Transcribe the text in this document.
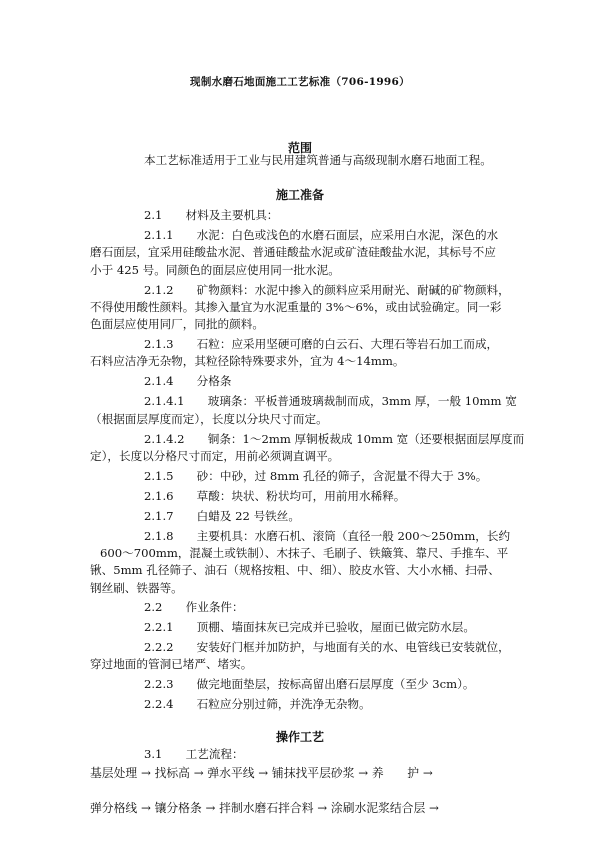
现制水磨石地面施工工艺标准（706-1996）
范围
本工艺标准适用于工业与民用建筑普通与高级现制水磨石地面工程。
施工准备
2.1　　材料及主要机具：
2.1.1　　水泥：白色或浅色的水磨石面层，应采用白水泥，深色的水
磨石面层，宜采用硅酸盐水泥、普通硅酸盐水泥或矿渣硅酸盐水泥，其标号不应
小于 425 号。同颜色的面层应使用同一批水泥。
2.1.2　　矿物颜料：水泥中掺入的颜料应采用耐光、耐碱的矿物颜料，
不得使用酸性颜料。其掺入量宜为水泥重量的 3%～6%，或由试验确定。同一彩
色面层应使用同厂，同批的颜料。
2.1.3　　石粒：应采用坚硬可磨的白云石、大理石等岩石加工而成，
石料应洁净无杂物，其粒径除特殊要求外，宜为 4～14mm。
2.1.4　　分格条
2.1.4.1　　玻璃条：平板普通玻璃裁制而成，3mm 厚，一般 10mm 宽
（根据面层厚度而定），长度以分块尺寸而定。
2.1.4.2　　铜条：1～2mm 厚铜板裁成 10mm 宽（还要根据面层厚度而
定），长度以分格尺寸而定，用前必须调直调平。
2.1.5　　砂：中砂，过 8mm 孔径的筛子，含泥量不得大于 3%。
2.1.6　　草酸：块状、粉状均可，用前用水稀释。
2.1.7　　白蜡及 22 号铁丝。
2.1.8　　主要机具：水磨石机、滚筒（直径一般 200～250mm，长约
600～700mm，混凝土或铁制）、木抹子、毛刷子、铁簸箕、靠尺、手推车、平
锹、5mm 孔径筛子、油石（规格按粗、中、细）、胶皮水管、大小水桶、扫帚、
钢丝刷、铁器等。
2.2　　作业条件：
2.2.1　　顶棚、墙面抹灰已完成并已验收，屋面已做完防水层。
2.2.2　　安装好门框并加防护，与地面有关的水、电管线已安装就位，
穿过地面的管洞已堵严、堵实。
2.2.3　　做完地面垫层，按标高留出磨石层厚度（至少 3cm）。
2.2.4　　石粒应分别过筛，并洗净无杂物。
操作工艺
3.1　　工艺流程：
基层处理 → 找标高 → 弹水平线 → 铺抹找平层砂浆 → 养　　护 →
弹分格线 → 镶分格条 → 拌制水磨石拌合料 → 涂刷水泥浆结合层 →
